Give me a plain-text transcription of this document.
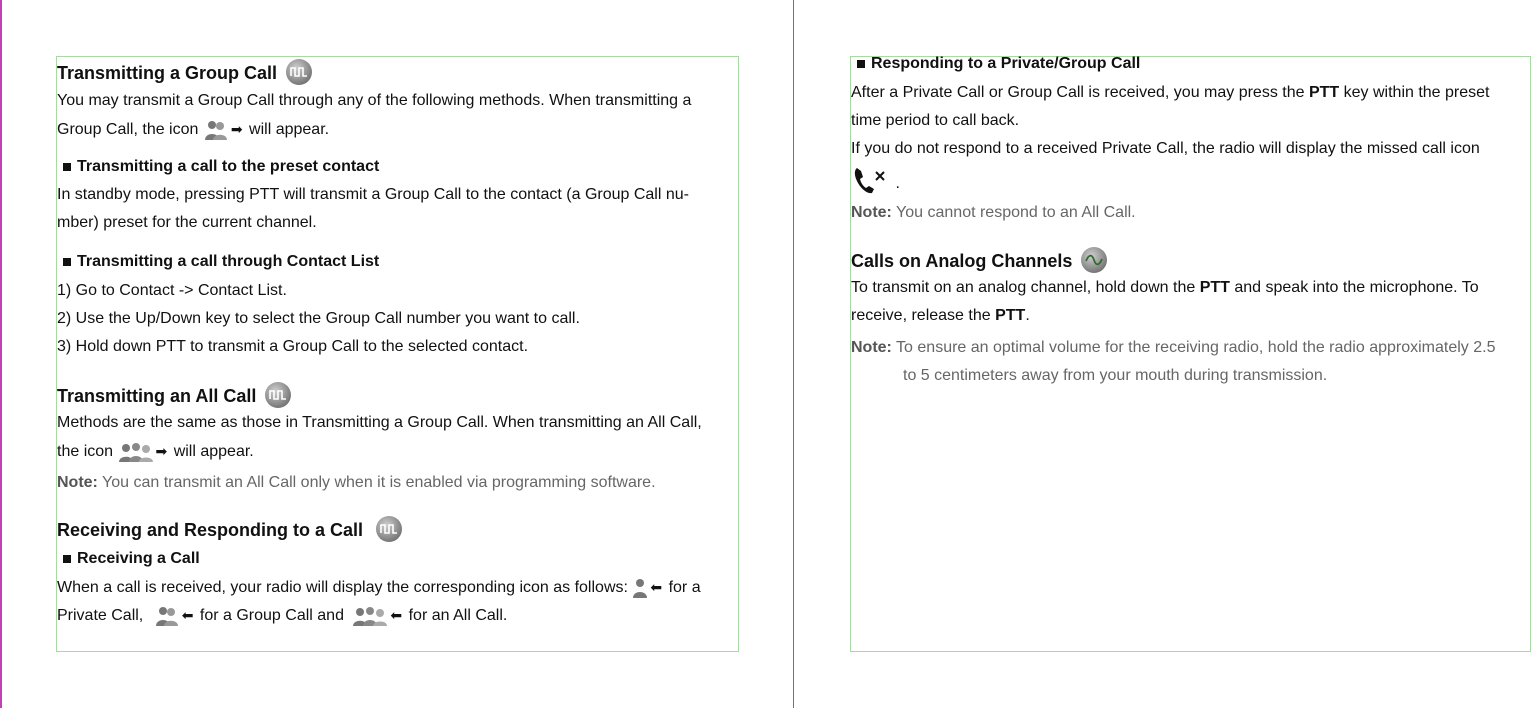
Transmitting a Group Call
You may transmit a Group Call through any of the following methods. When transmitting a
Group Call, the icon ➡ will appear.
Transmitting a call to the preset contact
In standby mode, pressing PTT will transmit a Group Call to the contact (a Group Call nu-
mber) preset for the current channel.
Transmitting a call through Contact List
1) Go to Contact -> Contact List.
2) Use the Up/Down key to select the Group Call number you want to call.
3) Hold down PTT to transmit a Group Call to the selected contact.
Transmitting an All Call
Methods are the same as those in Transmitting a Group Call. When transmitting an All Call,
the icon	➡ will appear.
Note: You can transmit an All Call only when it is enabled via programming software.
Receiving and Responding to a Call
Receiving a Call
When a call is received, your radio will display the corresponding icon as follows: ⬅ for a
Private Call,	⬅ for a Group Call and	⬅ for an All Call.
Responding to a Private/Group Call
After a Private Call or Group Call is received, you may press the PTT key within the preset
time period to call back.
If you do not respond to a received Private Call, the radio will display the missed call icon
.
Note: You cannot respond to an All Call.
Calls on Analog Channels
To transmit on an analog channel, hold down the PTT and speak into the microphone. To
receive, release the PTT.
Note: To ensure an optimal volume for the receiving radio, hold the radio approximately 2.5
to 5 centimeters away from your mouth during transmission.
